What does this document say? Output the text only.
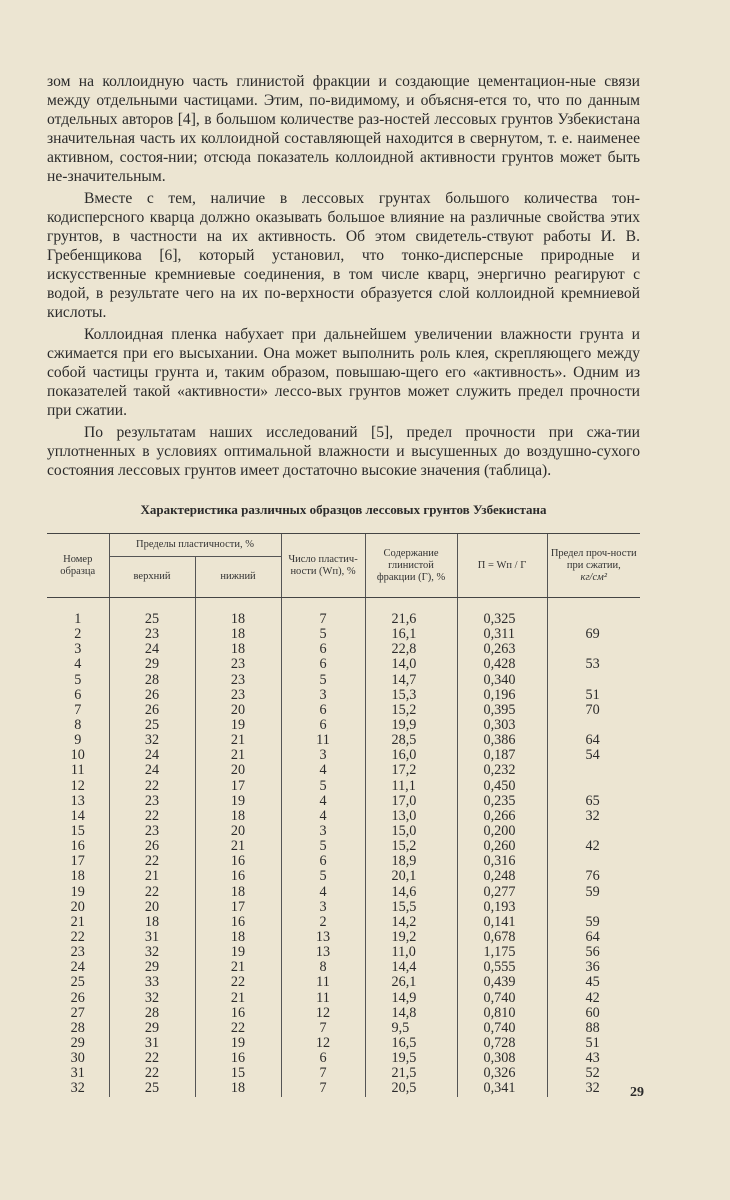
зом на коллоидную часть глинистой фракции и создающие цементацион-ные связи между отдельными частицами. Этим, по-видимому, и объясня-ется то, что по данным отдельных авторов [4], в большом количестве раз-ностей лессовых грунтов Узбекистана значительная часть их коллоидной составляющей находится в свернутом, т. е. наименее активном, состоя-нии; отсюда показатель коллоидной активности грунтов может быть не-значительным.

Вместе с тем, наличие в лессовых грунтах большого количества тон-кодисперсного кварца должно оказывать большое влияние на различные свойства этих грунтов, в частности на их активность. Об этом свидетель-ствуют работы И. В. Гребенщикова [6], который установил, что тонко-дисперсные природные и искусственные кремниевые соединения, в том числе кварц, энергично реагируют с водой, в результате чего на их по-верхности образуется слой коллоидной кремниевой кислоты.

Коллоидная пленка набухает при дальнейшем увеличении влажности грунта и сжимается при его высыхании. Она может выполнить роль клея, скрепляющего между собой частицы грунта и, таким образом, повышаю-щего его «активность». Одним из показателей такой «активности» лессо-вых грунтов может служить предел прочности при сжатии.

По результатам наших исследований [5], предел прочности при сжа-тии уплотненных в условиях оптимальной влажности и высушенных до воздушно-сухого состояния лессовых грунтов имеет достаточно высокие значения (таблица).

Характеристика различных образцов лессовых грунтов Узбекистана
Номер образца	Пределы пластичности, %		Число пластич-ности (Wп), %	Содержание глинистой фракции (Г), %	П = Wп / Г	Предел проч-ности при сжатии,
кг/см²
	верхний	нижний				
1	25	18	7	21,6	0,325	
2	23	18	5	16,1	0,311	69
3	24	18	6	22,8	0,263	
4	29	23	6	14,0	0,428	53
5	28	23	5	14,7	0,340	
6	26	23	3	15,3	0,196	51
7	26	20	6	15,2	0,395	70
8	25	19	6	19,9	0,303	
9	32	21	11	28,5	0,386	64
10	24	21	3	16,0	0,187	54
11	24	20	4	17,2	0,232	
12	22	17	5	11,1	0,450	
13	23	19	4	17,0	0,235	65
14	22	18	4	13,0	0,266	32
15	23	20	3	15,0	0,200	
16	26	21	5	15,2	0,260	42
17	22	16	6	18,9	0,316	
18	21	16	5	20,1	0,248	76
19	22	18	4	14,6	0,277	59
20	20	17	3	15,5	0,193	
21	18	16	2	14,2	0,141	59
22	31	18	13	19,2	0,678	64
23	32	19	13	11,0	1,175	56
24	29	21	8	14,4	0,555	36
25	33	22	11	26,1	0,439	45
26	32	21	11	14,9	0,740	42
27	28	16	12	14,8	0,810	60
28	29	22	7	9,5	0,740	88
29	31	19	12	16,5	0,728	51
30	22	16	6	19,5	0,308	43
31	22	15	7	21,5	0,326	52
32	25	18	7	20,5	0,341	32 29
